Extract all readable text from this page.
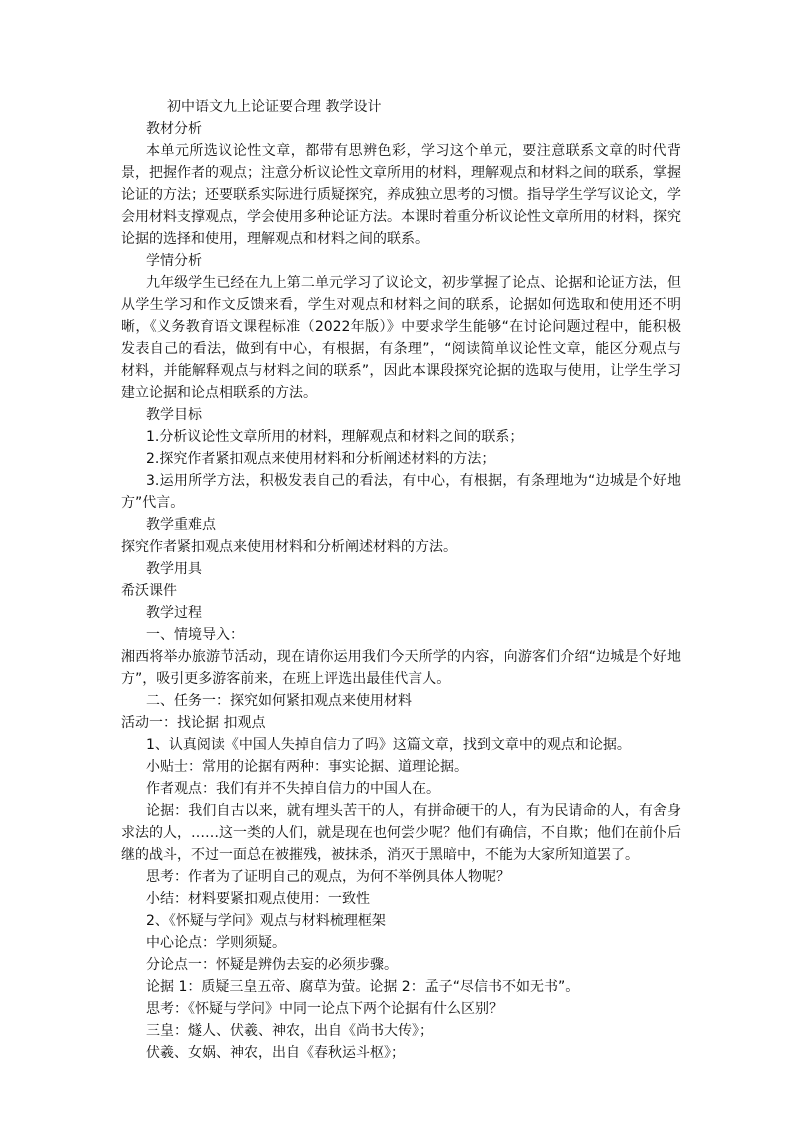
初中语文九上论证要合理 教学设计
教材分析
本单元所选议论性文章，都带有思辨色彩，学习这个单元，要注意联系文章的时代背景，把握作者的观点；注意分析议论性文章所用的材料，理解观点和材料之间的联系，掌握论证的方法；还要联系实际进行质疑探究，养成独立思考的习惯。指导学生学写议论文，学会用材料支撑观点，学会使用多种论证方法。本课时着重分析议论性文章所用的材料，探究论据的选择和使用，理解观点和材料之间的联系。
学情分析
九年级学生已经在九上第二单元学习了议论文，初步掌握了论点、论据和论证方法，但从学生学习和作文反馈来看，学生对观点和材料之间的联系，论据如何选取和使用还不明晰，《义务教育语文课程标准（2022年版）》中要求学生能够“在讨论问题过程中，能积极发表自己的看法，做到有中心，有根据，有条理”，“阅读简单议论性文章，能区分观点与材料，并能解释观点与材料之间的联系”，因此本课段探究论据的选取与使用，让学生学习建立论据和论点相联系的方法。
教学目标
1.分析议论性文章所用的材料，理解观点和材料之间的联系；
2.探究作者紧扣观点来使用材料和分析阐述材料的方法；
3.运用所学方法，积极发表自己的看法，有中心，有根据，有条理地为“边城是个好地方”代言。
教学重难点
探究作者紧扣观点来使用材料和分析阐述材料的方法。
教学用具
希沃课件
教学过程
一、情境导入：
湘西将举办旅游节活动，现在请你运用我们今天所学的内容，向游客们介绍“边城是个好地方”，吸引更多游客前来，在班上评选出最佳代言人。
二、任务一：探究如何紧扣观点来使用材料
活动一：找论据 扣观点
1、认真阅读《中国人失掉自信力了吗》这篇文章，找到文章中的观点和论据。
小贴士：常用的论据有两种：事实论据、道理论据。
作者观点：我们有并不失掉自信力的中国人在。
论据：我们自古以来，就有埋头苦干的人，有拼命硬干的人，有为民请命的人，有舍身求法的人，……这一类的人们，就是现在也何尝少呢？他们有确信，不自欺；他们在前仆后继的战斗，不过一面总在被摧残，被抹杀，消灭于黑暗中，不能为大家所知道罢了。
思考：作者为了证明自己的观点，为何不举例具体人物呢？
小结：材料要紧扣观点使用：一致性
2、《怀疑与学问》观点与材料梳理框架
中心论点：学则须疑。
分论点一：怀疑是辨伪去妄的必须步骤。
论据 1：质疑三皇五帝、腐草为萤。论据 2：孟子“尽信书不如无书”。
思考：《怀疑与学问》中同一论点下两个论据有什么区别？
三皇：燧人、伏羲、神农，出自《尚书大传》；
伏羲、女娲、神农，出自《春秋运斗枢》；
